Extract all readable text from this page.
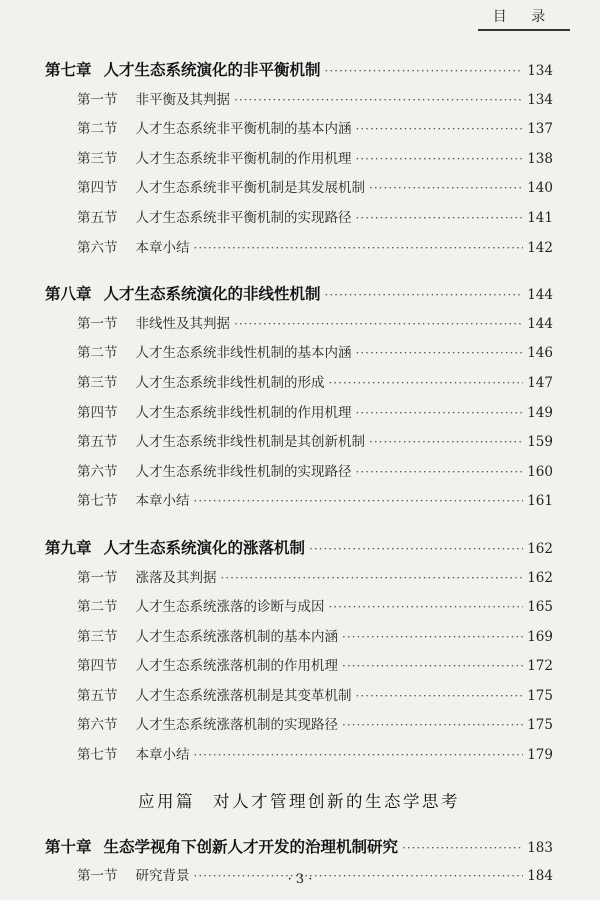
目 录
第七章 人才生态系统演化的非平衡机制 ·····	134
第一节 非平衡及其判据 ·····	134
第二节 人才生态系统非平衡机制的基本内涵 ·····	137
第三节 人才生态系统非平衡机制的作用机理 ·····	138
第四节 人才生态系统非平衡机制是其发展机制 ·····	140
第五节 人才生态系统非平衡机制的实现路径 ·····	141
第六节 本章小结 ·····	142
第八章 人才生态系统演化的非线性机制 ·····	144
第一节 非线性及其判据 ·····	144
第二节 人才生态系统非线性机制的基本内涵 ·····	146
第三节 人才生态系统非线性机制的形成 ·····	147
第四节 人才生态系统非线性机制的作用机理 ·····	149
第五节 人才生态系统非线性机制是其创新机制 ·····	159
第六节 人才生态系统非线性机制的实现路径 ·····	160
第七节 本章小结 ·····	161
第九章 人才生态系统演化的涨落机制 ·····	162
第一节 涨落及其判据 ·····	162
第二节 人才生态系统涨落的诊断与成因 ·····	165
第三节 人才生态系统涨落机制的基本内涵 ·····	169
第四节 人才生态系统涨落机制的作用机理 ·····	172
第五节 人才生态系统涨落机制是其变革机制 ·····	175
第六节 人才生态系统涨落机制的实现路径 ·····	175
第七节 本章小结 ·····	179
应用篇 对人才管理创新的生态学思考
第十章 生态学视角下创新人才开发的治理机制研究 ·····	183
第一节 研究背景 ·····	184
· 3 ·
